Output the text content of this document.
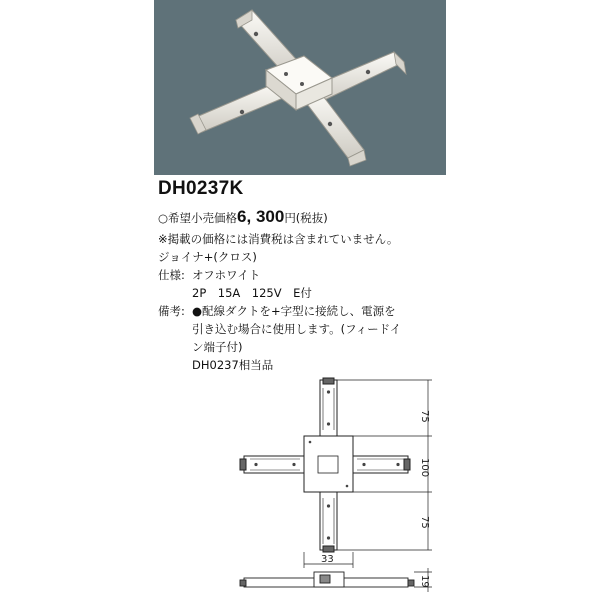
DH0237K
○希望小売価格6, 300円(税抜)
※掲載の価格には消費税は含まれていません。
ジョイナ+(クロス)
仕様: オフホワイト
2P　15A　125V　E付
備考: ●配線ダクトを+字型に接続し、電源を
引き込む場合に使用します。(フィードイ
ン端子付)
DH0237相当品
75
100
75
33
19
